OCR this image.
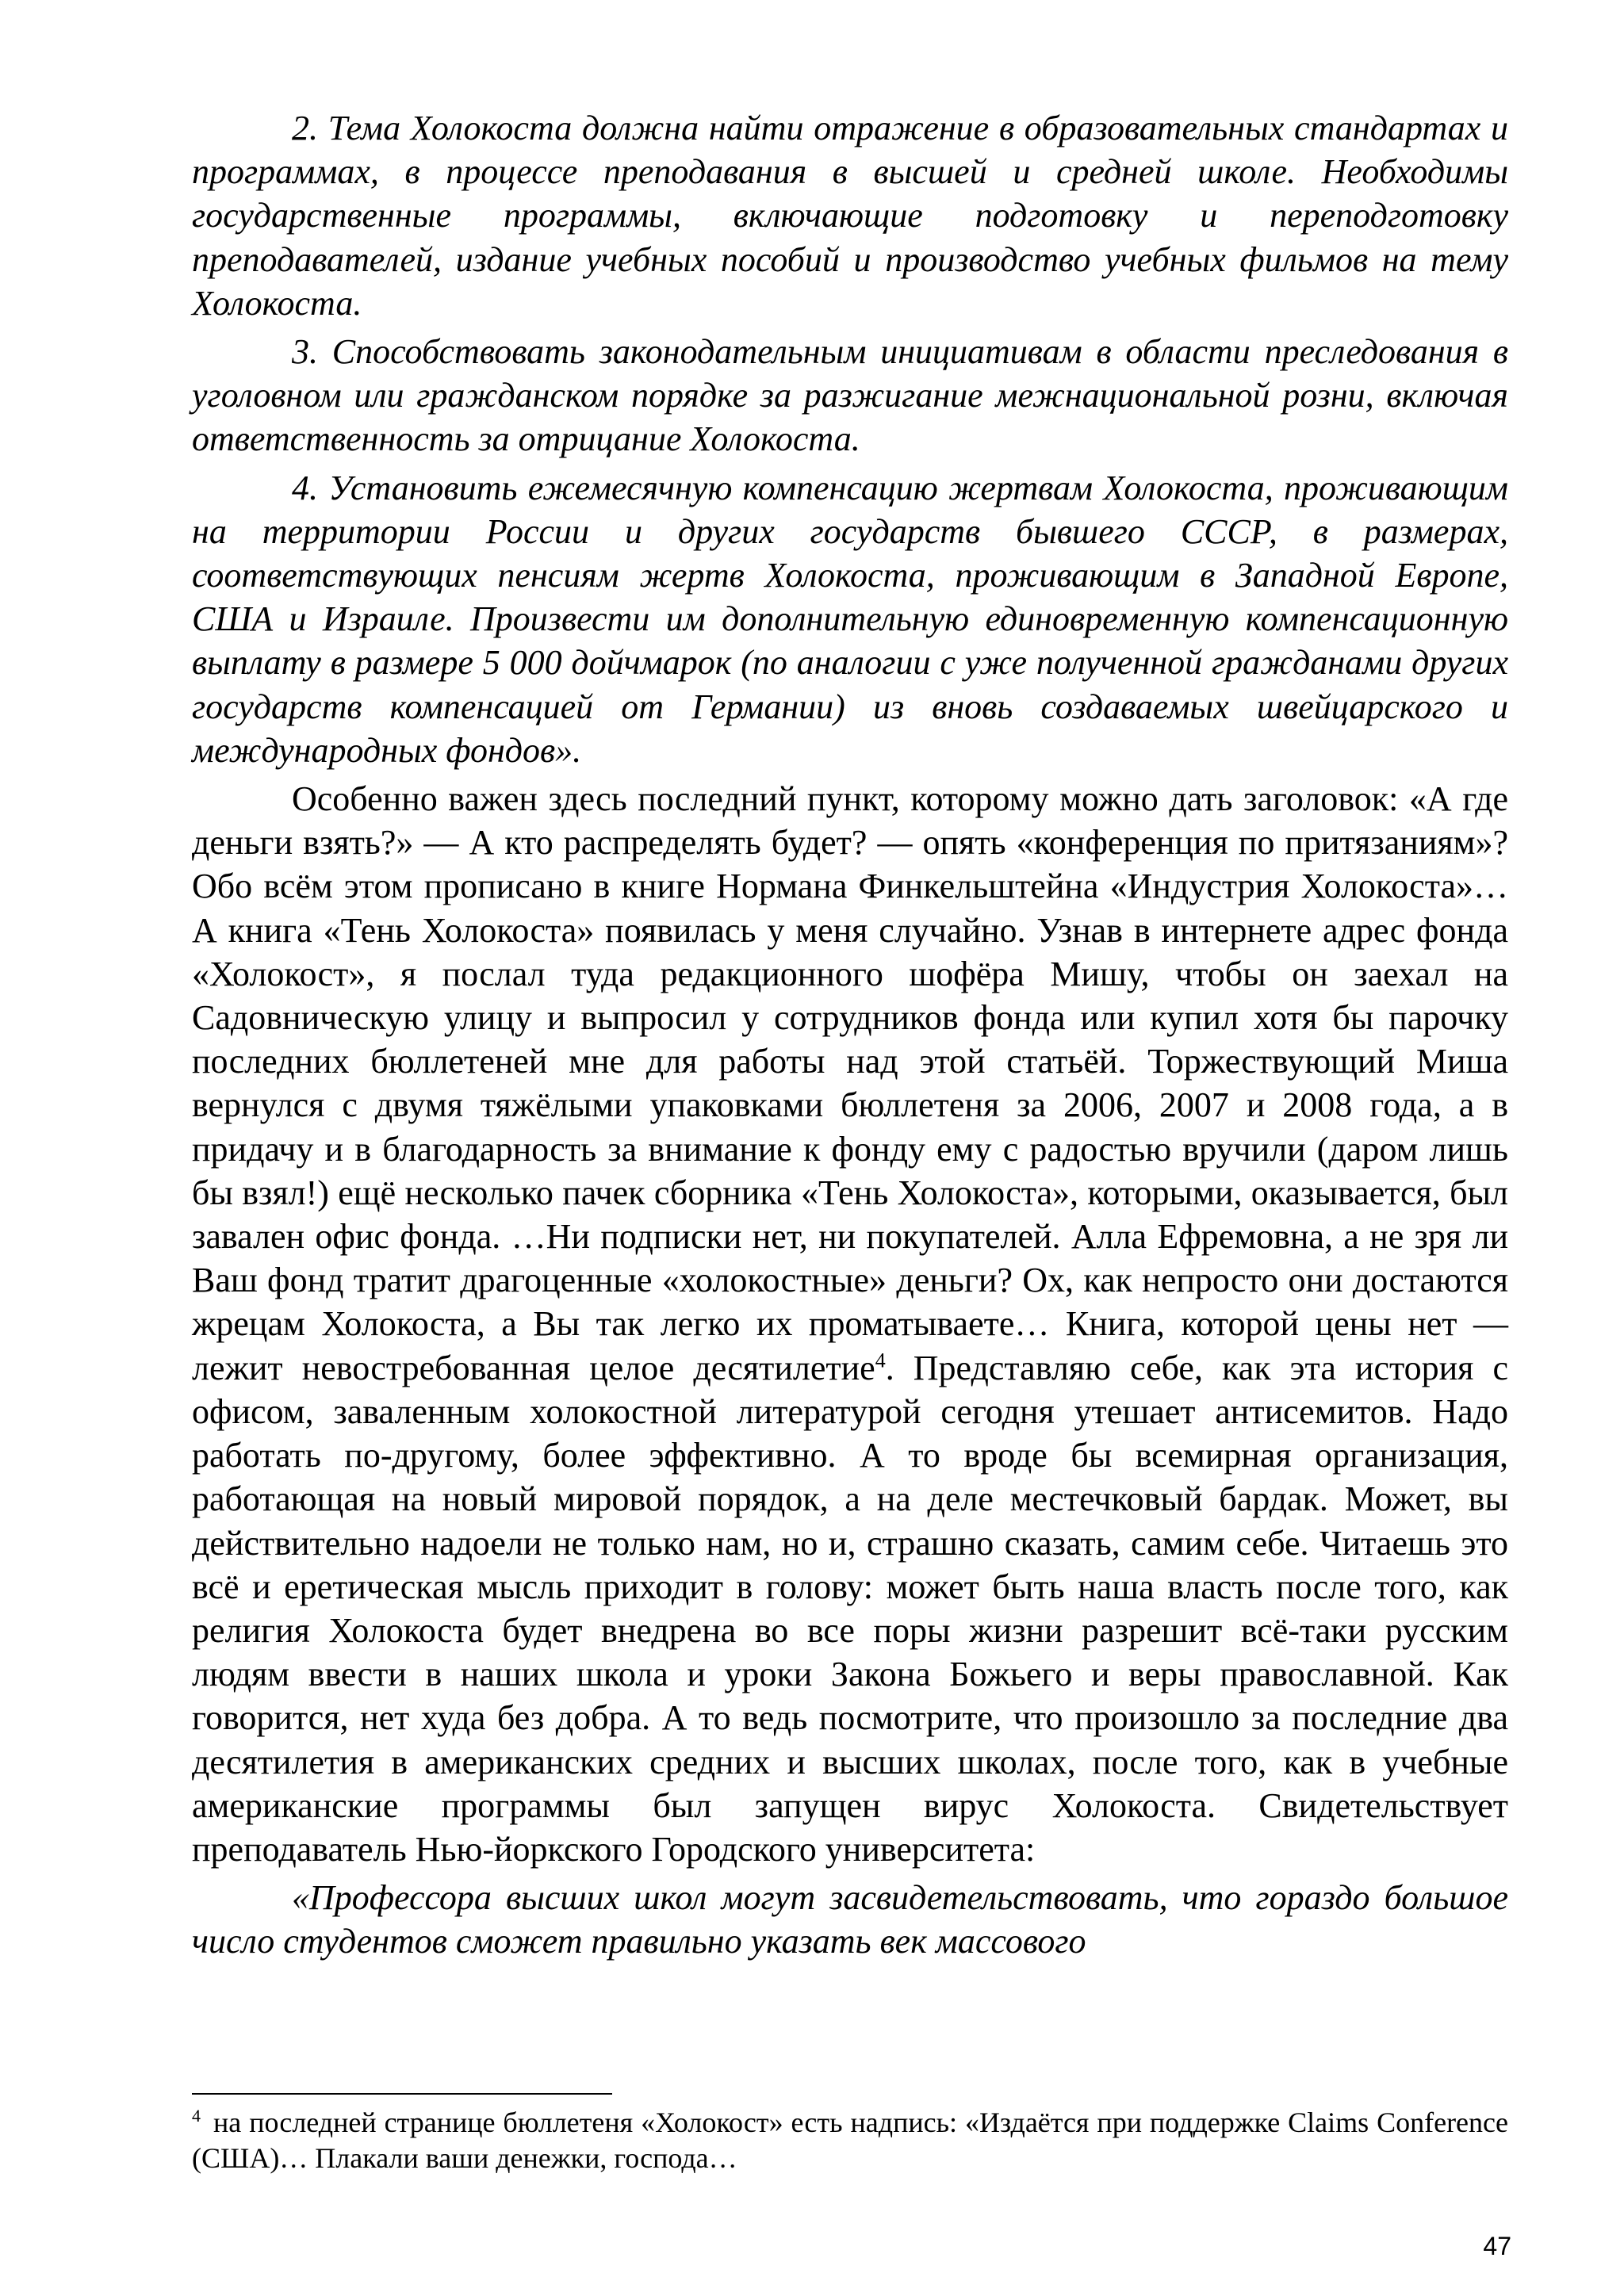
2. Тема Холокоста должна найти отражение в образовательных стандартах и программах, в процессе преподавания в высшей и средней школе. Необходимы государственные программы, включающие подготовку и переподготовку преподавателей, издание учебных пособий и производство учебных фильмов на тему Холокоста.

3. Способствовать законодательным инициативам в области преследования в уголовном или гражданском порядке за разжигание межнациональной розни, включая ответственность за отрицание Холокоста.

4. Установить ежемесячную компенсацию жертвам Холокоста, проживающим на территории России и других государств бывшего СССР, в размерах, соответствующих пенсиям жертв Холокоста, проживающим в Западной Европе, США и Израиле. Произвести им дополнительную единовременную компенсационную выплату в размере 5 000 дойчмарок (по аналогии с уже полученной гражданами других государств компенсацией от Германии) из вновь создаваемых швейцарского и международных фондов».

Особенно важен здесь последний пункт, которому можно дать заголовок: «А где деньги взять?» — А кто распределять будет? — опять «конференция по притязаниям»? Обо всём этом прописано в книге Нормана Финкельштейна «Индустрия Холокоста»… А книга «Тень Холокоста» появилась у меня случайно. Узнав в интернете адрес фонда «Холокост», я послал туда редакционного шофёра Мишу, чтобы он заехал на Садовническую улицу и выпросил у сотрудников фонда или купил хотя бы парочку последних бюллетеней мне для работы над этой статьёй. Торжествующий Миша вернулся с двумя тяжёлыми упаковками бюллетеня за 2006, 2007 и 2008 года, а в придачу и в благодарность за внимание к фонду ему с радостью вручили (даром лишь бы взял!) ещё несколько пачек сборника «Тень Холокоста», которыми, оказывается, был завален офис фонда. …Ни подписки нет, ни покупателей. Алла Ефремовна, а не зря ли Ваш фонд тратит драгоценные «холокостные» деньги? Ох, как непросто они достаются жрецам Холокоста, а Вы так легко их проматываете… Книга, которой цены нет — лежит невостребованная целое десятилетие$^4$. Представляю себе, как эта история с офисом, заваленным холокостной литературой сегодня утешает антисемитов. Надо работать по-другому, более эффективно. А то вроде бы всемирная организация, работающая на новый мировой порядок, а на деле местечковый бардак. Может, вы действительно надоели не только нам, но и, страшно сказать, самим себе. Читаешь это всё и еретическая мысль приходит в голову: может быть наша власть после того, как религия Холокоста будет внедрена во все поры жизни разрешит всё-таки русским людям ввести в наших школа и уроки Закона Божьего и веры православной. Как говорится, нет худа без добра. А то ведь посмотрите, что произошло за последние два десятилетия в американских средних и высших школах, после того, как в учебные американские программы был запущен вирус Холокоста. Свидетельствует преподаватель Нью-йоркского Городского университета:

«Профессора высших школ могут засвидетельствовать, что гораздо большое число студентов сможет правильно указать век массового

$^4$ на последней странице бюллетеня «Холокост» есть надпись: «Издаётся при поддержке Claims Conference (США)… Плакали ваши денежки, господа…
47
